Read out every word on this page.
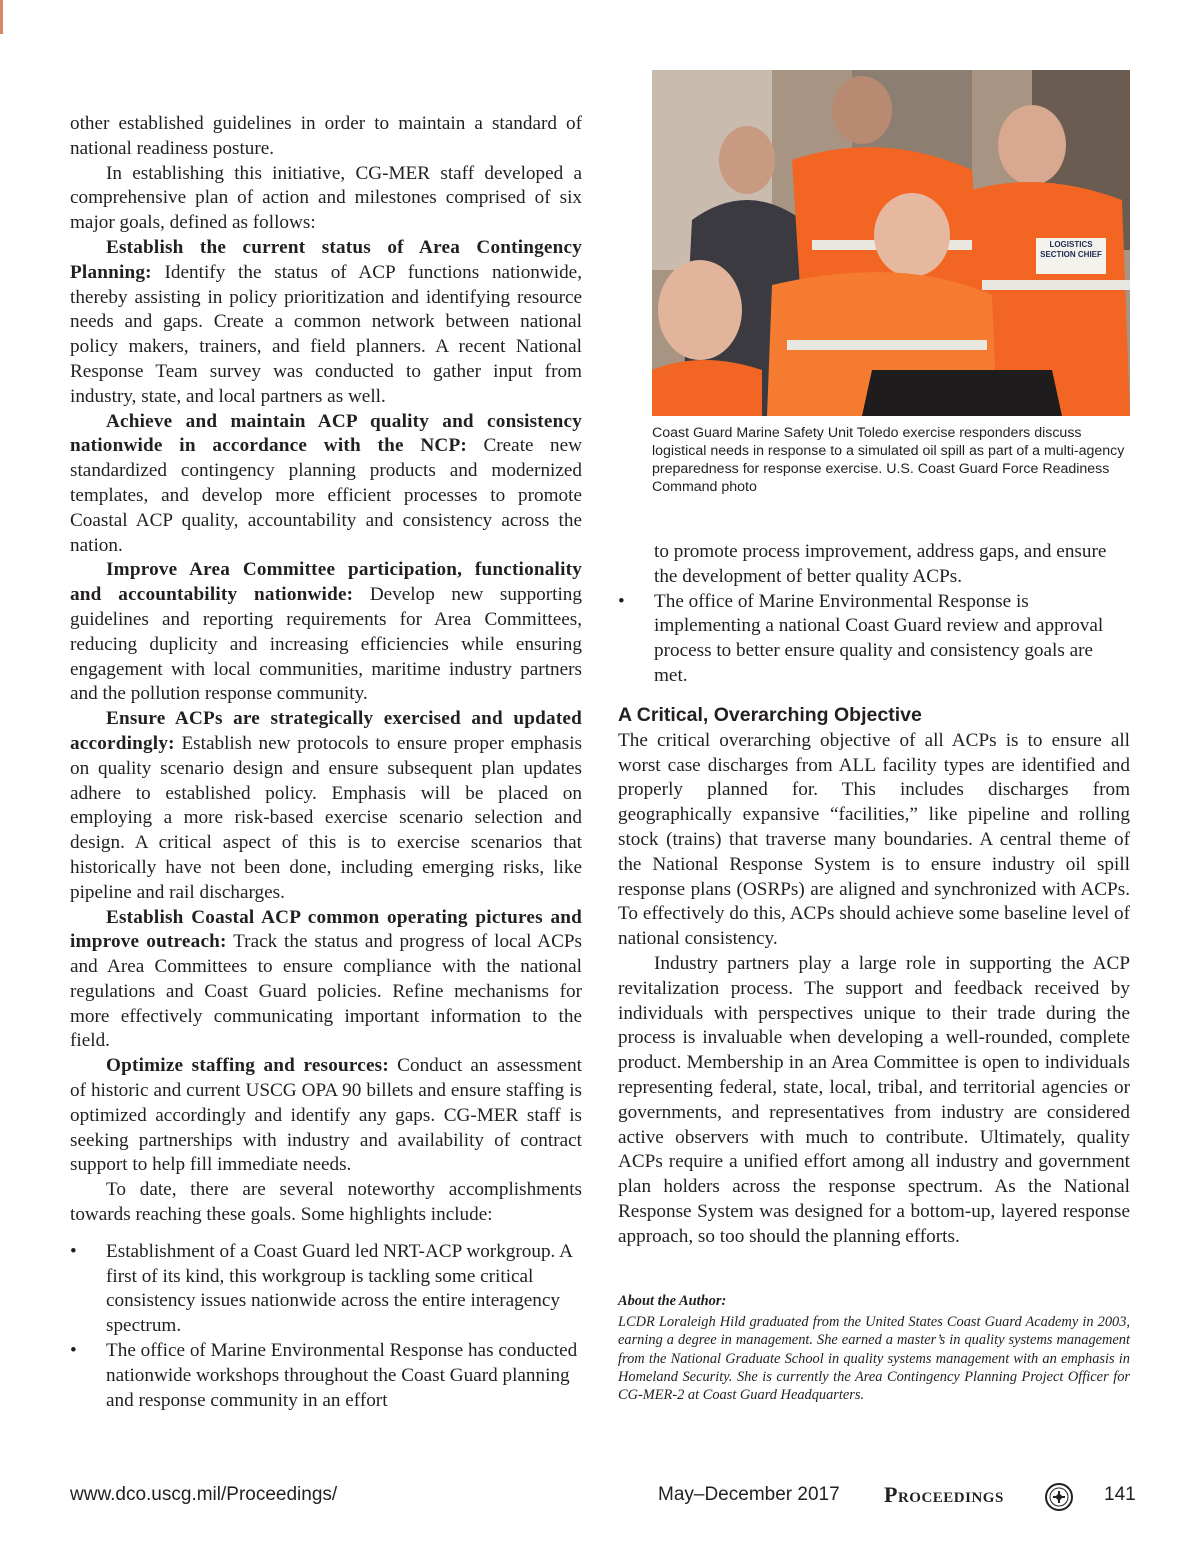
other established guidelines in order to maintain a standard of national readiness posture.

In establishing this initiative, CG-MER staff developed a comprehensive plan of action and milestones comprised of six major goals, defined as follows:

Establish the current status of Area Contingency Planning: Identify the status of ACP functions nationwide, thereby assisting in policy prioritization and identifying resource needs and gaps. Create a common network between national policy makers, trainers, and field planners. A recent National Response Team survey was conducted to gather input from industry, state, and local partners as well.

Achieve and maintain ACP quality and consistency nationwide in accordance with the NCP: Create new standardized contingency planning products and modernized templates, and develop more efficient processes to promote Coastal ACP quality, accountability and consistency across the nation.

Improve Area Committee participation, functionality and accountability nationwide: Develop new supporting guidelines and reporting requirements for Area Committees, reducing duplicity and increasing efficiencies while ensuring engagement with local communities, maritime industry partners and the pollution response community.

Ensure ACPs are strategically exercised and updated accordingly: Establish new protocols to ensure proper emphasis on quality scenario design and ensure subsequent plan updates adhere to established policy. Emphasis will be placed on employing a more risk-based exercise scenario selection and design. A critical aspect of this is to exercise scenarios that historically have not been done, including emerging risks, like pipeline and rail discharges.

Establish Coastal ACP common operating pictures and improve outreach: Track the status and progress of local ACPs and Area Committees to ensure compliance with the national regulations and Coast Guard policies. Refine mechanisms for more effectively communicating important information to the field.

Optimize staffing and resources: Conduct an assessment of historic and current USCG OPA 90 billets and ensure staffing is optimized accordingly and identify any gaps. CG-MER staff is seeking partnerships with industry and availability of contract support to help fill immediate needs.

To date, there are several noteworthy accomplishments towards reaching these goals. Some highlights include:

• Establishment of a Coast Guard led NRT-ACP workgroup. A first of its kind, this workgroup is tackling some critical consistency issues nationwide across the entire interagency spectrum.
• The office of Marine Environmental Response has conducted nationwide workshops throughout the Coast Guard planning and response community in an effort
LOGISTICS SECTION CHIEF
Coast Guard Marine Safety Unit Toledo exercise responders discuss logistical needs in response to a simulated oil spill as part of a multi-agency preparedness for response exercise. U.S. Coast Guard Force Readiness Command photo
to promote process improvement, address gaps, and ensure the development of better quality ACPs.
• The office of Marine Environmental Response is implementing a national Coast Guard review and approval process to better ensure quality and consistency goals are met.
A Critical, Overarching Objective

The critical overarching objective of all ACPs is to ensure all worst case discharges from ALL facility types are identified and properly planned for. This includes discharges from geographically expansive “facilities,” like pipeline and rolling stock (trains) that traverse many boundaries. A central theme of the National Response System is to ensure industry oil spill response plans (OSRPs) are aligned and synchronized with ACPs. To effectively do this, ACPs should achieve some baseline level of national consistency.

Industry partners play a large role in supporting the ACP revitalization process. The support and feedback received by individuals with perspectives unique to their trade during the process is invaluable when developing a well-rounded, complete product. Membership in an Area Committee is open to individuals representing federal, state, local, tribal, and territorial agencies or governments, and representatives from industry are considered active observers with much to contribute. Ultimately, quality ACPs require a unified effort among all industry and government plan holders across the response spectrum. As the National Response System was designed for a bottom-up, layered response approach, so too should the planning efforts.

About the Author:
LCDR Loraleigh Hild graduated from the United States Coast Guard Academy in 2003, earning a degree in management. She earned a master’s in quality systems management from the National Graduate School in quality systems management with an emphasis in Homeland Security. She is currently the Area Contingency Planning Project Officer for CG-MER-2 at Coast Guard Headquarters.
www.dco.uscg.mil/Proceedings/	May–December 2017 Proceedings	141
